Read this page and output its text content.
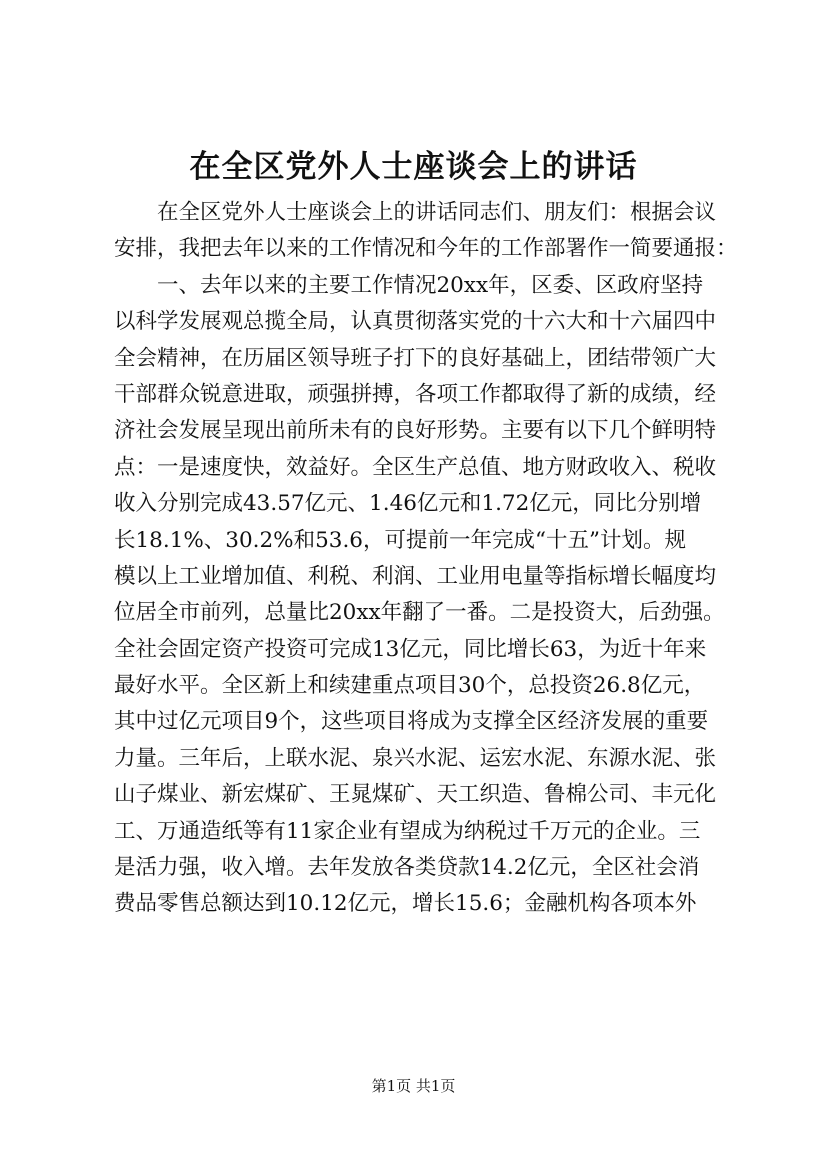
在全区党外人士座谈会上的讲话
　　在全区党外人士座谈会上的讲话同志们、朋友们：根据会议
安排，我把去年以来的工作情况和今年的工作部署作一简要通报：
　　一、去年以来的主要工作情况20xx年，区委、区政府坚持
以科学发展观总揽全局，认真贯彻落实党的十六大和十六届四中
全会精神，在历届区领导班子打下的良好基础上，团结带领广大
干部群众锐意进取，顽强拼搏，各项工作都取得了新的成绩，经
济社会发展呈现出前所未有的良好形势。主要有以下几个鲜明特
点：一是速度快，效益好。全区生产总值、地方财政收入、税收
收入分别完成43.57亿元、1.46亿元和1.72亿元，同比分别增
长18.1%、30.2%和53.6，可提前一年完成“十五”计划。规
模以上工业增加值、利税、利润、工业用电量等指标增长幅度均
位居全市前列，总量比20xx年翻了一番。二是投资大，后劲强。
全社会固定资产投资可完成13亿元，同比增长63，为近十年来
最好水平。全区新上和续建重点项目30个，总投资26.8亿元，
其中过亿元项目9个，这些项目将成为支撑全区经济发展的重要
力量。三年后，上联水泥、泉兴水泥、运宏水泥、东源水泥、张
山子煤业、新宏煤矿、王晁煤矿、天工织造、鲁棉公司、丰元化
工、万通造纸等有11家企业有望成为纳税过千万元的企业。三
是活力强，收入增。去年发放各类贷款14.2亿元，全区社会消
费品零售总额达到10.12亿元，增长15.6；金融机构各项本外
第1页 共1页
